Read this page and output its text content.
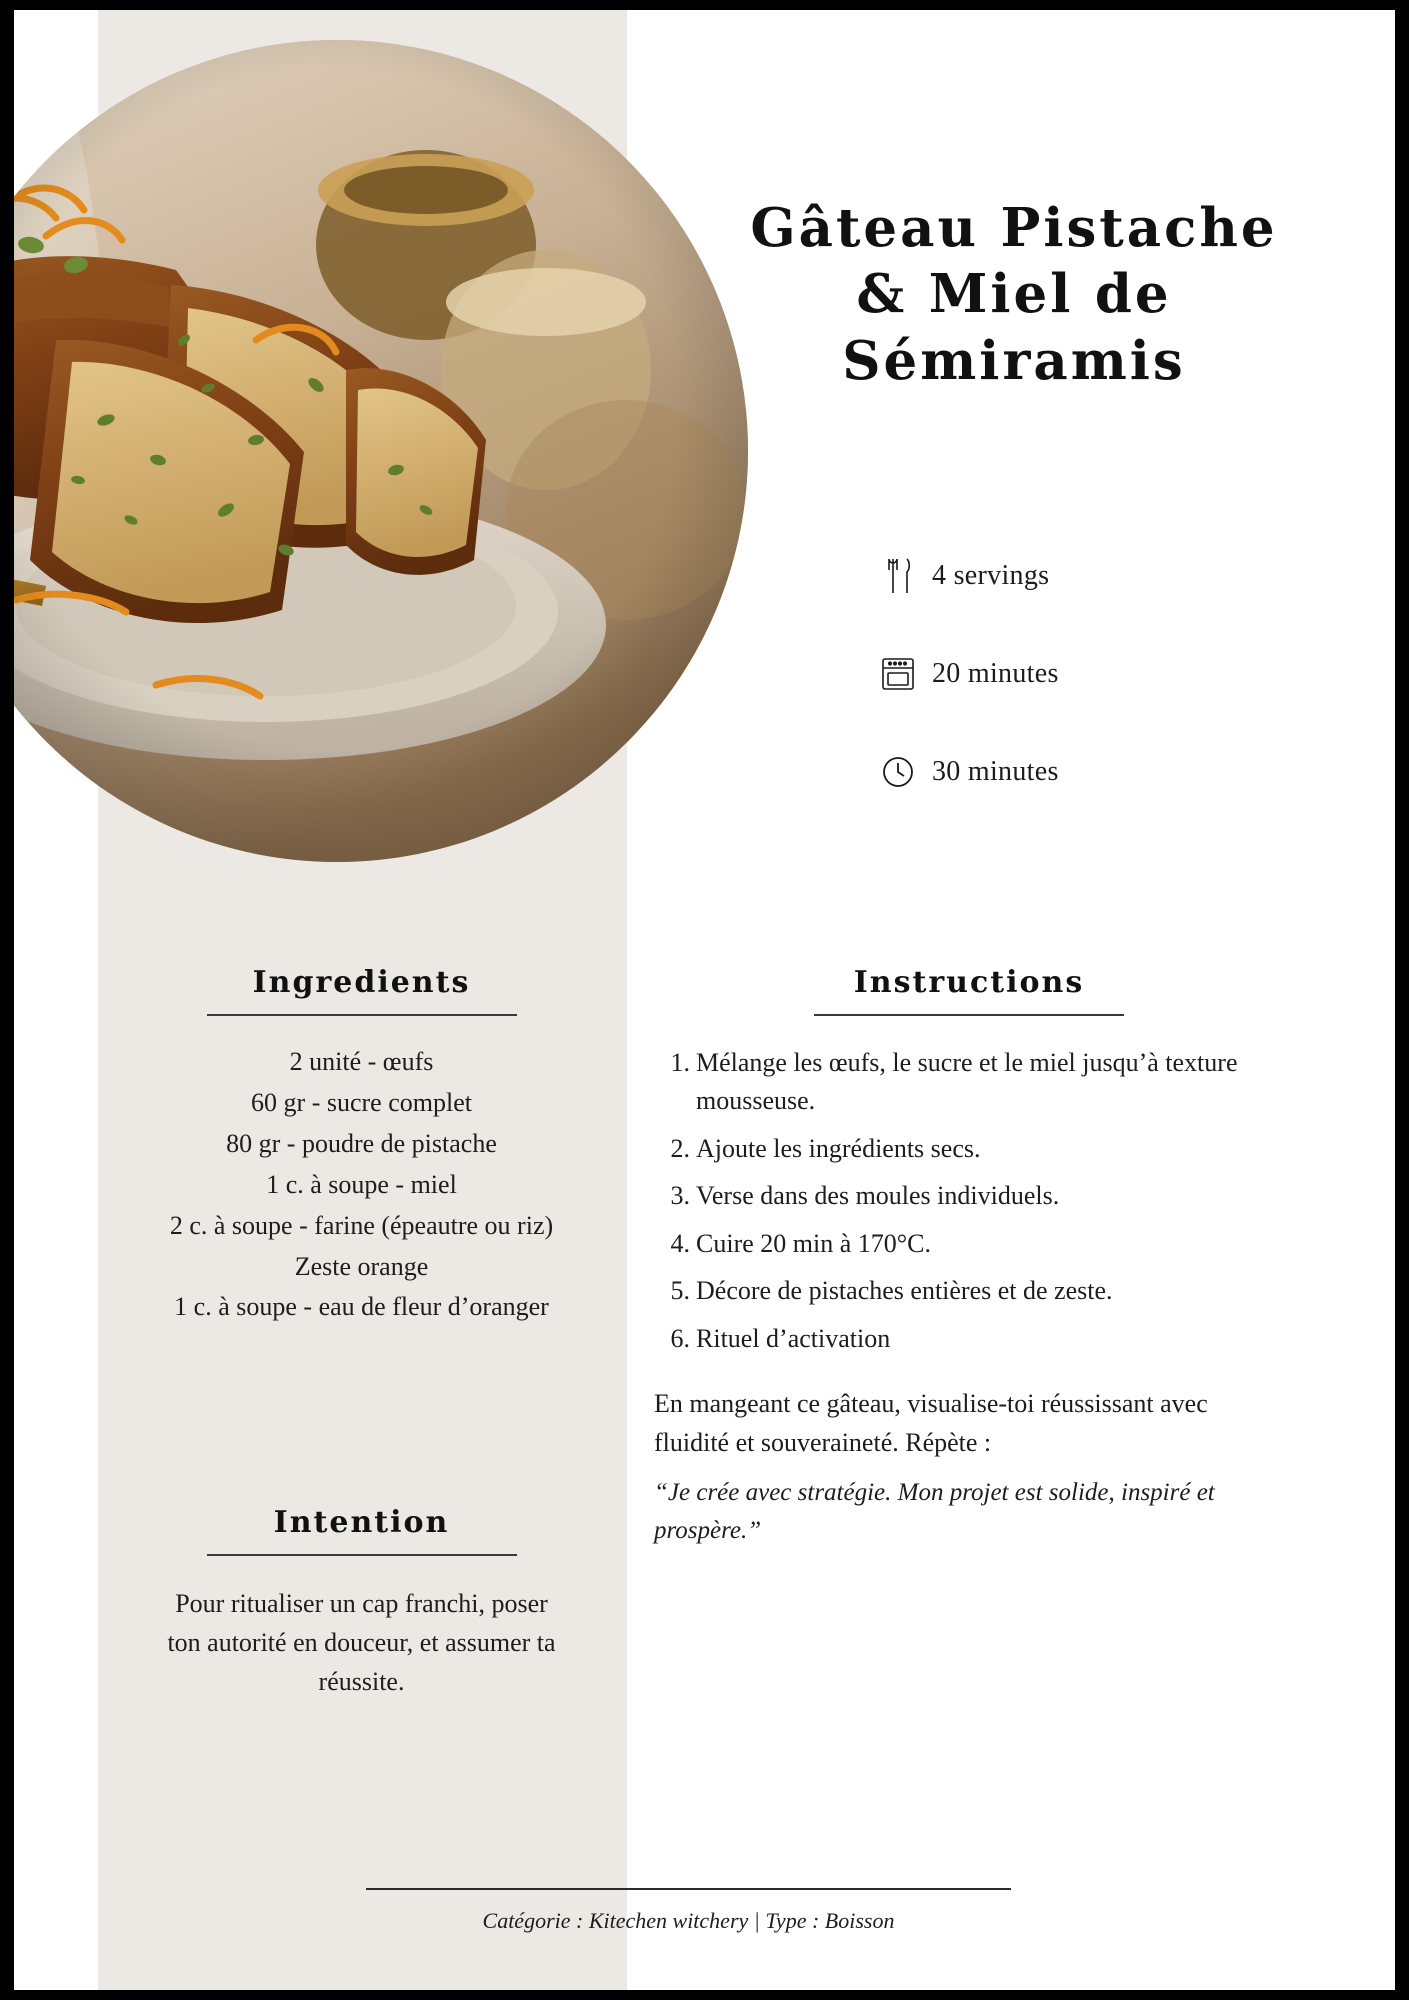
Gâteau Pistache
& Miel de
Sémiramis
4 servings
20 minutes
30 minutes
Ingredients
2 unité - œufs
60 gr - sucre complet
80 gr - poudre de pistache
1 c. à soupe - miel
2 c. à soupe - farine (épeautre ou riz)
Zeste orange
1 c. à soupe - eau de fleur d’oranger
Intention
Pour ritualiser un cap franchi, poser ton autorité en douceur, et assumer ta réussite.
Instructions
Mélange les œufs, le sucre et le miel jusqu’à texture mousseuse.
Ajoute les ingrédients secs.
Verse dans des moules individuels.
Cuire 20 min à 170°C.
Décore de pistaches entières et de zeste.
Rituel d’activation
En mangeant ce gâteau, visualise-toi réussissant avec fluidité et souveraineté. Répète :
“Je crée avec stratégie. Mon projet est solide, inspiré et prospère.”
Catégorie : Kitechen witchery | Type : Boisson
